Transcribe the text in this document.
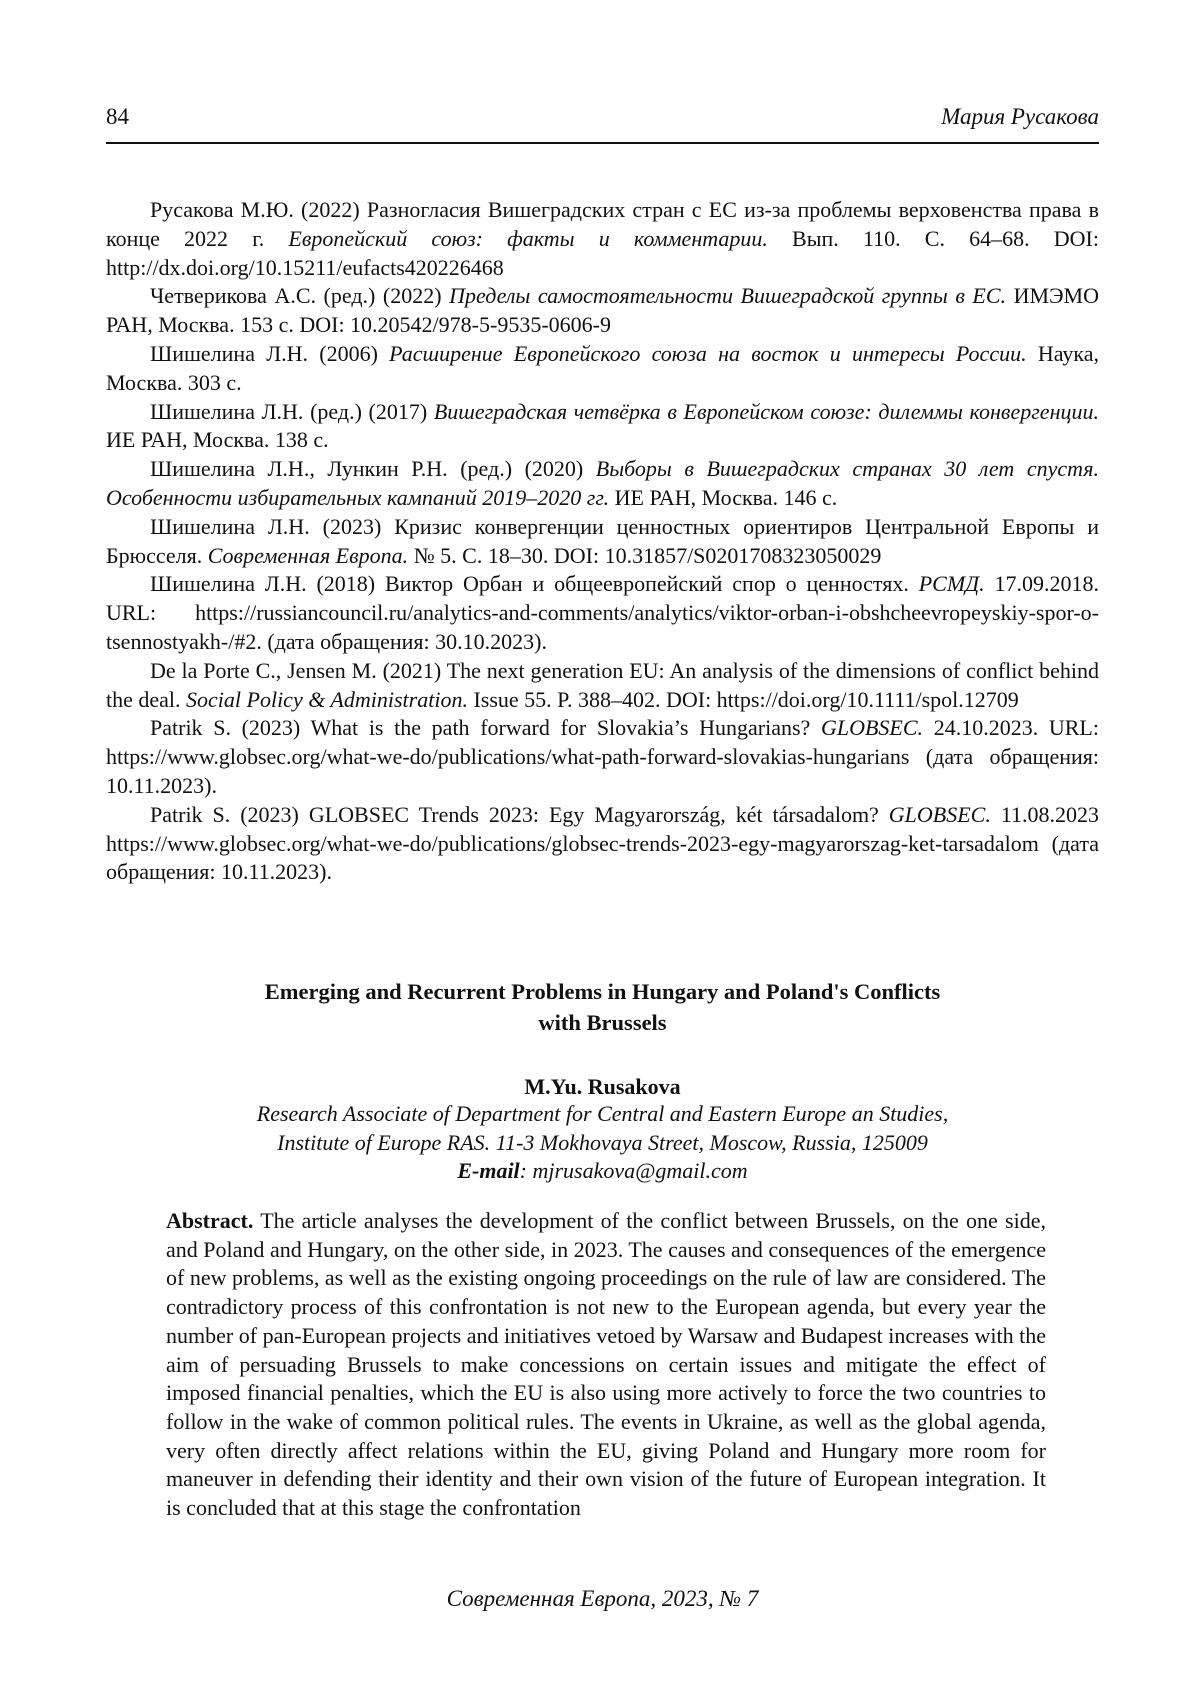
84	Мария Русакова

Русакова М.Ю. (2022) Разногласия Вишеградских стран с ЕС из-за проблемы верховенства права в конце 2022 г. Европейский союз: факты и комментарии. Вып. 110. С. 64–68. DOI: http://dx.doi.org/10.15211/eufacts420226468

Четверикова А.С. (ред.) (2022) Пределы самостоятельности Вишеградской группы в ЕС. ИМЭМО РАН, Москва. 153 с. DOI: 10.20542/978-5-9535-0606-9

Шишелина Л.Н. (2006) Расширение Европейского союза на восток и интересы России. Наука, Москва. 303 с.

Шишелина Л.Н. (ред.) (2017) Вишеградская четвёрка в Европейском союзе: дилеммы конвергенции. ИЕ РАН, Москва. 138 с.

Шишелина Л.Н., Лункин Р.Н. (ред.) (2020) Выборы в Вишеградских странах 30 лет спустя. Особенности избирательных кампаний 2019–2020 гг. ИЕ РАН, Москва. 146 с.

Шишелина Л.Н. (2023) Кризис конвергенции ценностных ориентиров Центральной Европы и Брюсселя. Современная Европа. № 5. С. 18–30. DOI: 10.31857/S0201708323050029

Шишелина Л.Н. (2018) Виктор Орбан и общеевропейский спор о ценностях. РСМД. 17.09.2018. URL: https://russiancouncil.ru/analytics-and-comments/analytics/viktor-orban-i-obshcheevropeyskiy-spor-o-tsennostyakh-/#2. (дата обращения: 30.10.2023).

De la Porte C., Jensen M. (2021) The next generation EU: An analysis of the dimensions of conflict behind the deal. Social Policy & Administration. Issue 55. P. 388–402. DOI: https://doi.org/10.1111/spol.12709

Patrik S. (2023) What is the path forward for Slovakia’s Hungarians? GLOBSEC. 24.10.2023. URL: https://www.globsec.org/what-we-do/publications/what-path-forward-slovakias-hungarians (дата обращения: 10.11.2023).

Patrik S. (2023) GLOBSEC Trends 2023: Egy Magyarország, két társadalom? GLOBSEC. 11.08.2023 https://www.globsec.org/what-we-do/publications/globsec-trends-2023-egy-magyarorszag-ket-tarsadalom (дата обращения: 10.11.2023).

Emerging and Recurrent Problems in Hungary and Poland's Conflicts
with Brussels
M.Yu. Rusakova

Research Associate of Department for Central and Eastern Europe an Studies,

Institute of Europe RAS. 11-3 Mokhovaya Street, Moscow, Russia, 125009

E-mail: mjrusakova@gmail.com

Abstract. The article analyses the development of the conflict between Brussels, on the one side, and Poland and Hungary, on the other side, in 2023. The causes and consequences of the emergence of new problems, as well as the existing ongoing proceedings on the rule of law are considered. The contradictory process of this confrontation is not new to the European agenda, but every year the number of pan-European projects and initiatives vetoed by Warsaw and Budapest increases with the aim of persuading Brussels to make concessions on certain issues and mitigate the effect of imposed financial penalties, which the EU is also using more actively to force the two countries to follow in the wake of common political rules. The events in Ukraine, as well as the global agenda, very often directly affect relations within the EU, giving Poland and Hungary more room for maneuver in defending their identity and their own vision of the future of European integration. It is concluded that at this stage the confrontation

Современная Европа, 2023, № 7
